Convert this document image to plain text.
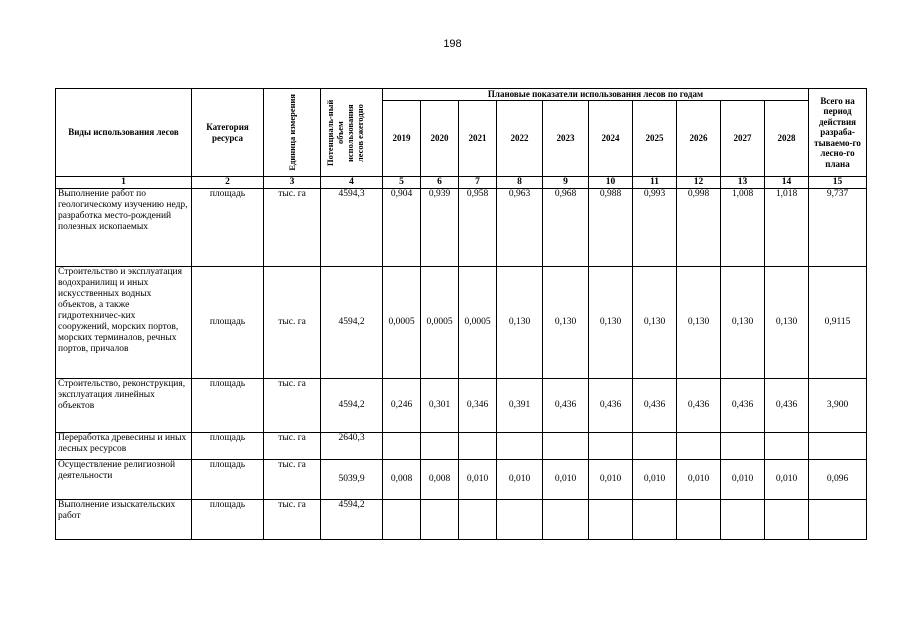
198
Виды использования лесов	Категория ресурса	Единица измерения	Потенциаль-ный объем использования лесов ежегодно	Плановые показатели использования лесов по годам										Всего на период действия разраба-тываемо-го лесно-го плана
				2019	2020	2021	2022	2023	2024	2025	2026	2027	2028	
1	2	3	4	5	6	7	8	9	10	11	12	13	14	15
Выполнение работ по геологическому изучению недр, разработка место-рождений полезных ископаемых	площадь	тыс. га	4594,3	0,904	0,939	0,958	0,963	0,968	0,988	0,993	0,998	1,008	1,018	9,737
Строительство и эксплуатация водохранилищ и иных искусственных водных объектов, а также гидротехничес-ких сооружений, морских портов, морских терминалов, речных портов, причалов	площадь	тыс. га	4594,2	0,0005	0,0005	0,0005	0,130	0,130	0,130	0,130	0,130	0,130	0,130	0,9115
Строительство, реконструкция, эксплуатация линейных объектов	площадь	тыс. га	4594,2	0,246	0,301	0,346	0,391	0,436	0,436	0,436	0,436	0,436	0,436	3,900
Переработка древесины и иных лесных ресурсов	площадь	тыс. га	2640,3											
Осуществление религиозной деятельности	площадь	тыс. га	5039,9	0,008	0,008	0,010	0,010	0,010	0,010	0,010	0,010	0,010	0,010	0,096
Выполнение изыскательских работ	площадь	тыс. га	4594,2											
